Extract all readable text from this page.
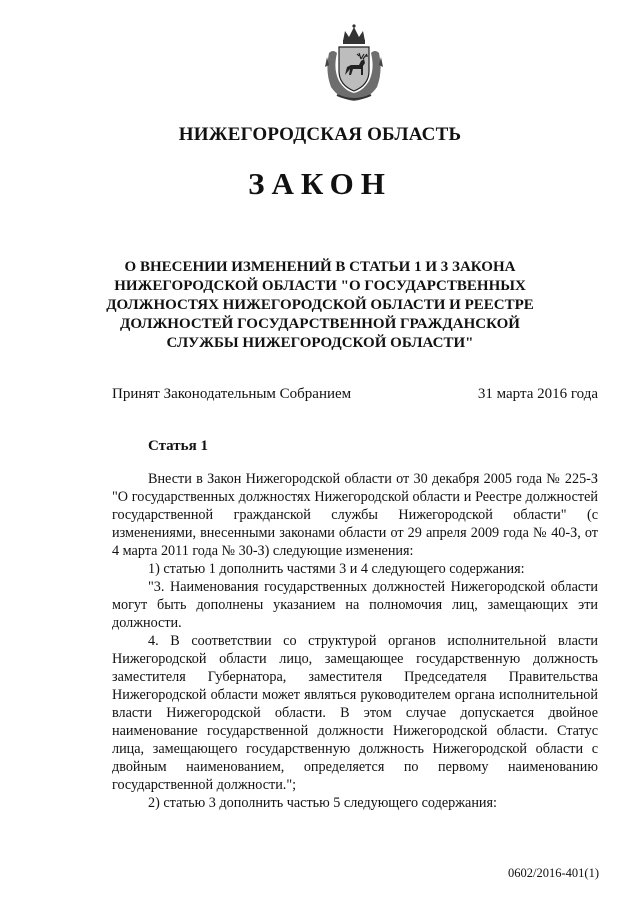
НИЖЕГОРОДСКАЯ ОБЛАСТЬ
ЗАКОН
О ВНЕСЕНИИ ИЗМЕНЕНИЙ В СТАТЬИ 1 И 3 ЗАКОНА НИЖЕГОРОДСКОЙ ОБЛАСТИ "О ГОСУДАРСТВЕННЫХ ДОЛЖНОСТЯХ НИЖЕГОРОДСКОЙ ОБЛАСТИ И РЕЕСТРЕ ДОЛЖНОСТЕЙ ГОСУДАРСТВЕННОЙ ГРАЖДАНСКОЙ СЛУЖБЫ НИЖЕГОРОДСКОЙ ОБЛАСТИ"
Принят Законодательным Собранием	31 марта 2016 года
Статья 1

Внести в Закон Нижегородской области от 30 декабря 2005 года № 225-З "О государственных должностях Нижегородской области и Реестре должностей государственной гражданской службы Нижегородской области" (с изменениями, внесенными законами области от 29 апреля 2009 года № 40-З, от 4 марта 2011 года № 30-З) следующие изменения:

1) статью 1 дополнить частями 3 и 4 следующего содержания:

"3. Наименования государственных должностей Нижегородской области могут быть дополнены указанием на полномочия лиц, замещающих эти должности.

4. В соответствии со структурой органов исполнительной власти Нижегородской области лицо, замещающее государственную должность заместителя Губернатора, заместителя Председателя Правительства Нижегородской области может являться руководителем органа исполнительной власти Нижегородской области. В этом случае допускается двойное наименование государственной должности Нижегородской области. Статус лица, замещающего государственную должность Нижегородской области с двойным наименованием, определяется по первому наименованию государственной должности.";

2) статью 3 дополнить частью 5 следующего содержания:

0602/2016-401(1)
